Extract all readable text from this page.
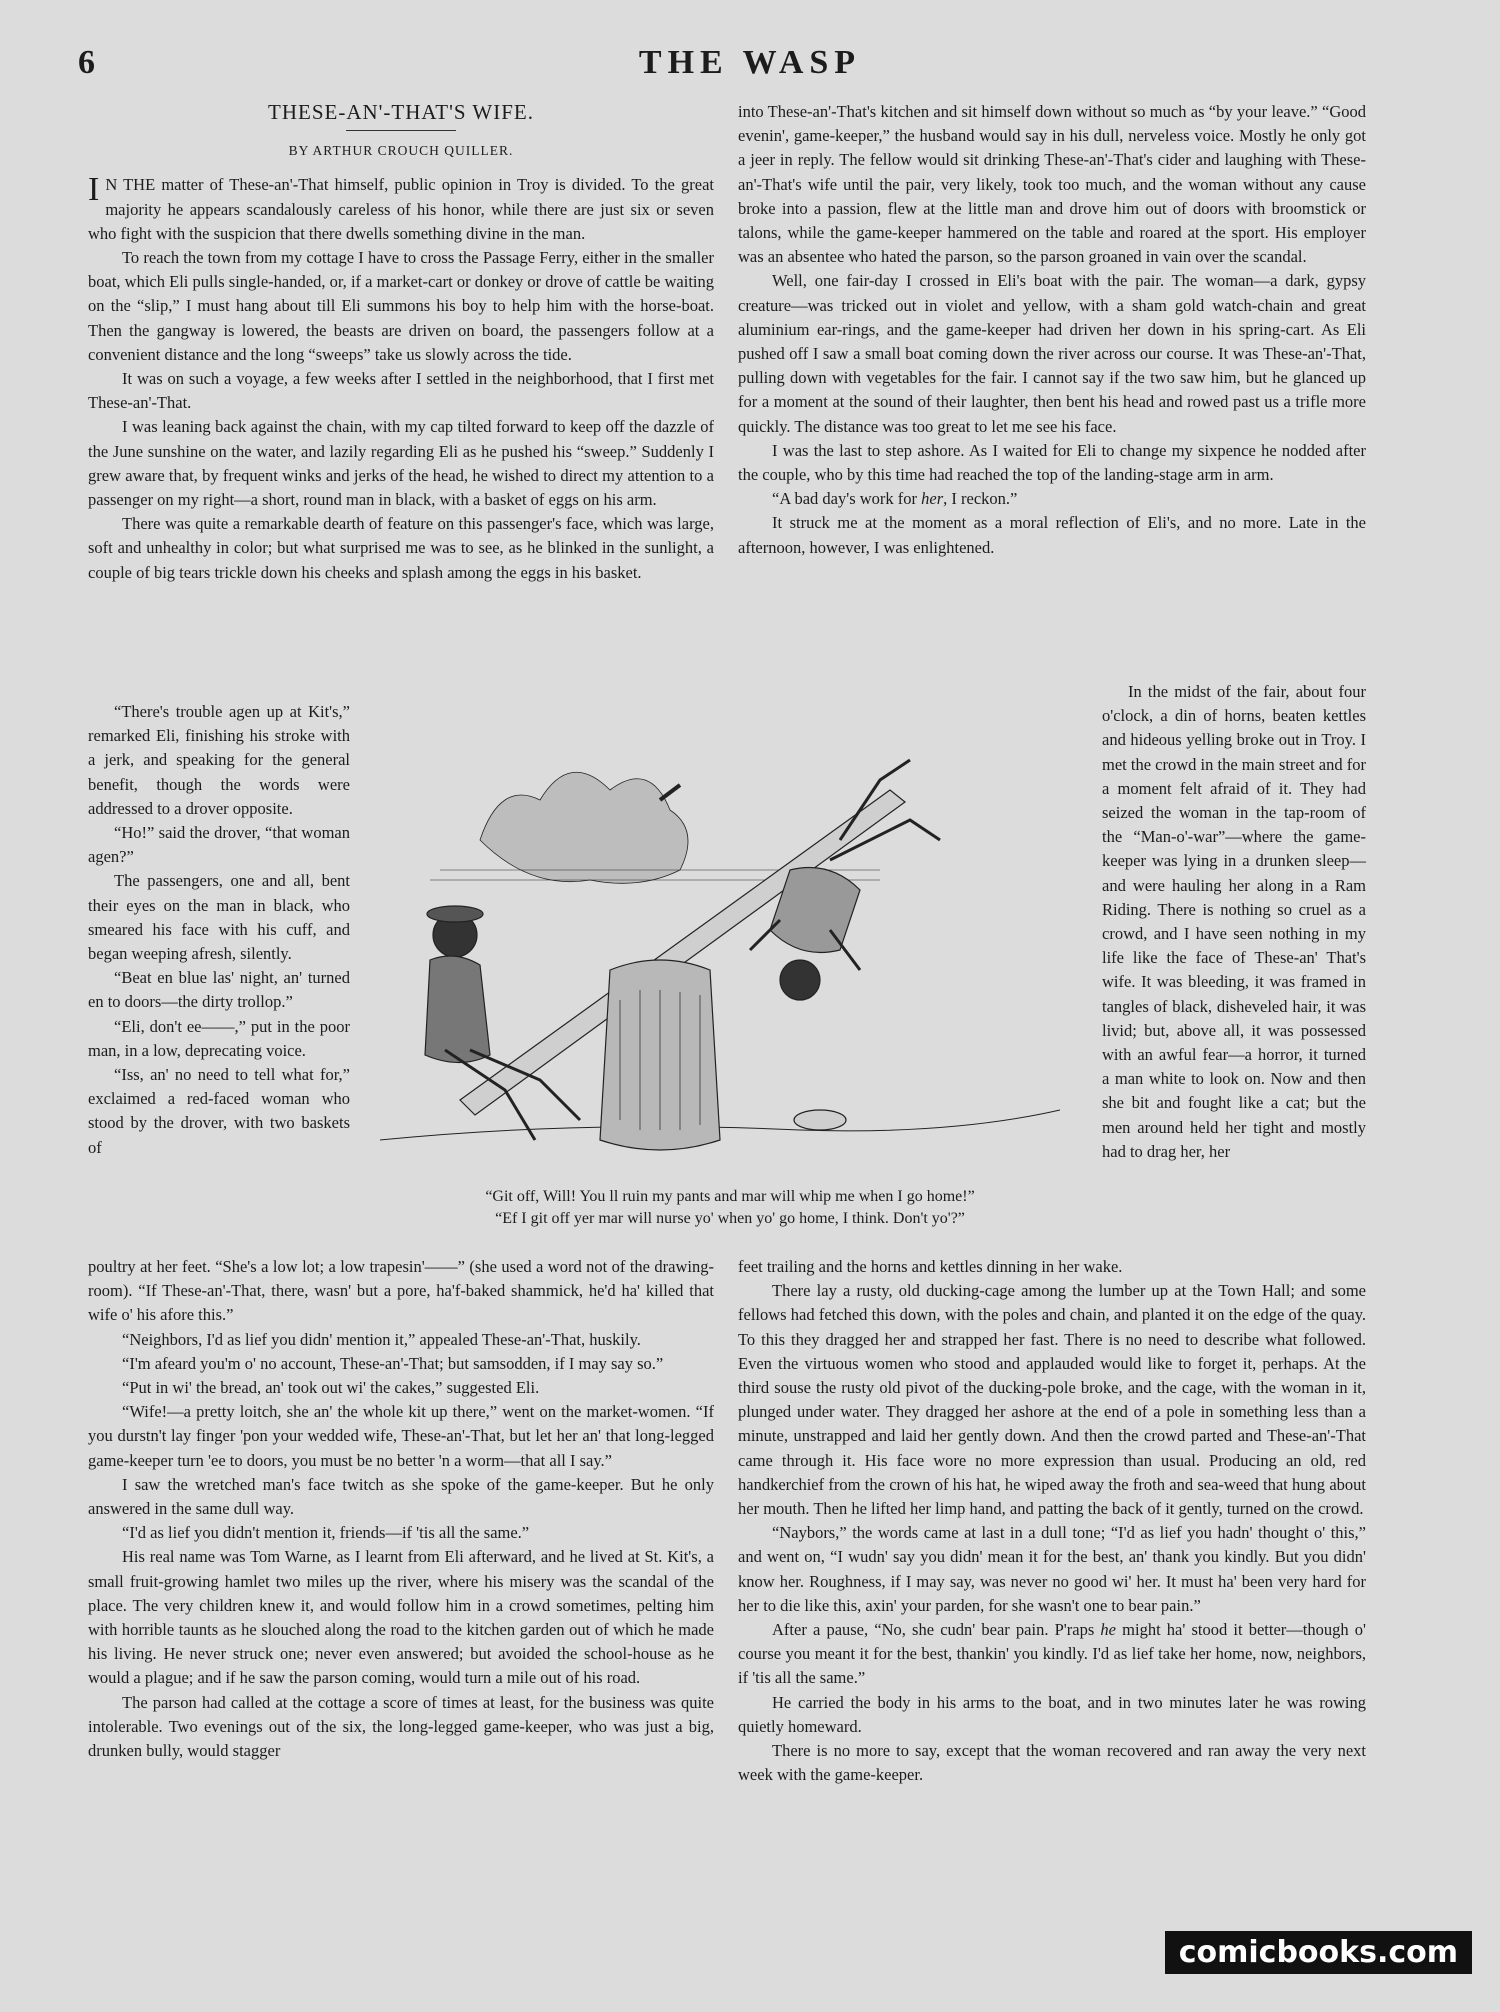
6	THE WASP
THESE-AN'-THAT'S WIFE.
BY ARTHUR CROUCH QUILLER.

I N THE matter of These-an'-That himself, public opinion in Troy is divided. To the great majority he appears scandalously careless of his honor, while there are just six or seven who fight with the suspicion that there dwells something divine in the man.

To reach the town from my cottage I have to cross the Passage Ferry, either in the smaller boat, which Eli pulls single-handed, or, if a market-cart or donkey or drove of cattle be waiting on the “slip,” I must hang about till Eli summons his boy to help him with the horse-boat. Then the gangway is lowered, the beasts are driven on board, the passengers follow at a convenient distance and the long “sweeps” take us slowly across the tide.

It was on such a voyage, a few weeks after I settled in the neighborhood, that I first met These-an'-That.

I was leaning back against the chain, with my cap tilted forward to keep off the dazzle of the June sunshine on the water, and lazily regarding Eli as he pushed his “sweep.” Suddenly I grew aware that, by frequent winks and jerks of the head, he wished to direct my attention to a passenger on my right—a short, round man in black, with a basket of eggs on his arm.

There was quite a remarkable dearth of feature on this passenger's face, which was large, soft and unhealthy in color; but what surprised me was to see, as he blinked in the sunlight, a couple of big tears trickle down his cheeks and splash among the eggs in his basket.

“There's trouble agen up at Kit's,” remarked Eli, finishing his stroke with a jerk, and speaking for the general benefit, though the words were addressed to a drover opposite.

“Ho!” said the drover, “that woman agen?”

The passengers, one and all, bent their eyes on the man in black, who smeared his face with his cuff, and began weeping afresh, silently.

“Beat en blue las' night, an' turned en to doors—the dirty trollop.”

“Eli, don't ee——,” put in the poor man, in a low, deprecating voice.

“Iss, an' no need to tell what for,” exclaimed a red-faced woman who stood by the drover, with two baskets of

poultry at her feet. “She's a low lot; a low trapesin'——” (she used a word not of the drawing-room). “If These-an'-That, there, wasn' but a pore, ha'f-baked shammick, he'd ha' killed that wife o' his afore this.”

“Neighbors, I'd as lief you didn' mention it,” appealed These-an'-That, huskily.

“I'm afeard you'm o' no account, These-an'-That; but samsodden, if I may say so.”

“Put in wi' the bread, an' took out wi' the cakes,” suggested Eli.

“Wife!—a pretty loitch, she an' the whole kit up there,” went on the market-women. “If you durstn't lay finger 'pon your wedded wife, These-an'-That, but let her an' that long-legged game-keeper turn 'ee to doors, you must be no better 'n a worm—that all I say.”

I saw the wretched man's face twitch as she spoke of the game-keeper. But he only answered in the same dull way.

“I'd as lief you didn't mention it, friends—if 'tis all the same.”

His real name was Tom Warne, as I learnt from Eli afterward, and he lived at St. Kit's, a small fruit-growing hamlet two miles up the river, where his misery was the scandal of the place. The very children knew it, and would follow him in a crowd sometimes, pelting him with horrible taunts as he slouched along the road to the kitchen garden out of which he made his living. He never struck one; never even answered; but avoided the school-house as he would a plague; and if he saw the parson coming, would turn a mile out of his road.

The parson had called at the cottage a score of times at least, for the business was quite intolerable. Two evenings out of the six, the long-legged game-keeper, who was just a big, drunken bully, would stagger

into These-an'-That's kitchen and sit himself down without so much as “by your leave.” “Good evenin', game-keeper,” the husband would say in his dull, nerveless voice. Mostly he only got a jeer in reply. The fellow would sit drinking These-an'-That's cider and laughing with These-an'-That's wife until the pair, very likely, took too much, and the woman without any cause broke into a passion, flew at the little man and drove him out of doors with broomstick or talons, while the game-keeper hammered on the table and roared at the sport. His employer was an absentee who hated the parson, so the parson groaned in vain over the scandal.

Well, one fair-day I crossed in Eli's boat with the pair. The woman—a dark, gypsy creature—was tricked out in violet and yellow, with a sham gold watch-chain and great aluminium ear-rings, and the game-keeper had driven her down in his spring-cart. As Eli pushed off I saw a small boat coming down the river across our course. It was These-an'-That, pulling down with vegetables for the fair. I cannot say if the two saw him, but he glanced up for a moment at the sound of their laughter, then bent his head and rowed past us a trifle more quickly. The distance was too great to let me see his face.

I was the last to step ashore. As I waited for Eli to change my sixpence he nodded after the couple, who by this time had reached the top of the landing-stage arm in arm.

“A bad day's work for her, I reckon.”

It struck me at the moment as a moral reflection of Eli's, and no more. Late in the afternoon, however, I was enlightened.

In the midst of the fair, about four o'clock, a din of horns, beaten kettles and hideous yelling broke out in Troy. I met the crowd in the main street and for a moment felt afraid of it. They had seized the woman in the tap-room of the “Man-o'-war”—where the game-keeper was lying in a drunken sleep—and were hauling her along in a Ram Riding. There is nothing so cruel as a crowd, and I have seen nothing in my life like the face of These-an' That's wife. It was bleeding, it was framed in tangles of black, disheveled hair, it was livid; but, above all, it was possessed with an awful fear—a horror, it turned a man white to look on. Now and then she bit and fought like a cat; but the men around held her tight and mostly had to drag her, her

feet trailing and the horns and kettles dinning in her wake.

There lay a rusty, old ducking-cage among the lumber up at the Town Hall; and some fellows had fetched this down, with the poles and chain, and planted it on the edge of the quay. To this they dragged her and strapped her fast. There is no need to describe what followed. Even the virtuous women who stood and applauded would like to forget it, perhaps. At the third souse the rusty old pivot of the ducking-pole broke, and the cage, with the woman in it, plunged under water. They dragged her ashore at the end of a pole in something less than a minute, unstrapped and laid her gently down. And then the crowd parted and These-an'-That came through it. His face wore no more expression than usual. Producing an old, red handkerchief from the crown of his hat, he wiped away the froth and sea-weed that hung about her mouth. Then he lifted her limp hand, and patting the back of it gently, turned on the crowd.

“Naybors,” the words came at last in a dull tone; “I'd as lief you hadn' thought o' this,” and went on, “I wudn' say you didn' mean it for the best, an' thank you kindly. But you didn' know her. Roughness, if I may say, was never no good wi' her. It must ha' been very hard for her to die like this, axin' your parden, for she wasn't one to bear pain.”

After a pause, “No, she cudn' bear pain. P'raps he might ha' stood it better—though o' course you meant it for the best, thankin' you kindly. I'd as lief take her home, now, neighbors, if 'tis all the same.”

He carried the body in his arms to the boat, and in two minutes later he was rowing quietly homeward.

There is no more to say, except that the woman recovered and ran away the very next week with the game-keeper.

“Git off, Will! You ll ruin my pants and mar will whip me when I go home!”
“Ef I git off yer mar will nurse yo' when yo' go home, I think. Don't yo'?”
comicbooks.com
